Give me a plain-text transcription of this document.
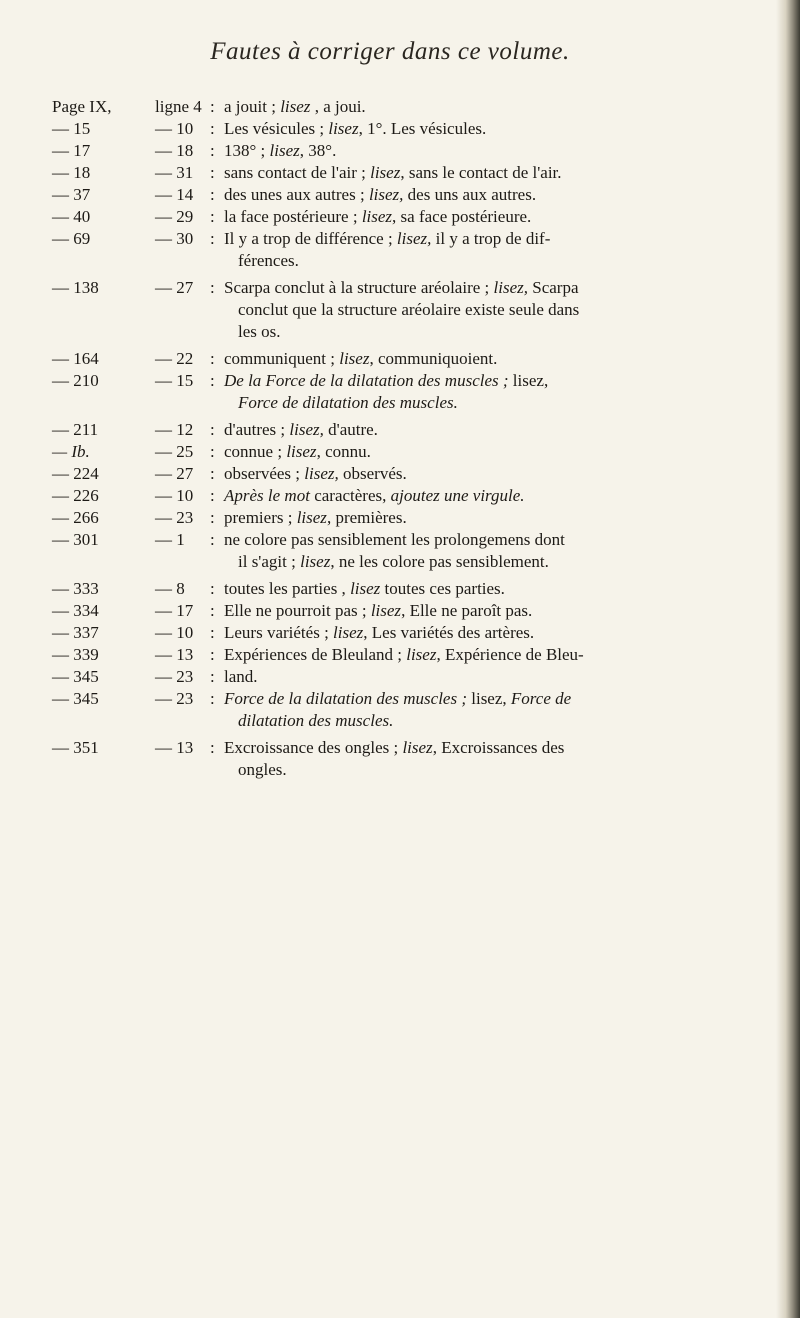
Fautes à corriger dans ce volume.
Page IX,	ligne 4 : a jouit ; lisez , a joui.
— 15	— 10 : Les vésicules ; lisez, 1°. Les vésicules.
— 17	— 18 : 138° ; lisez, 38°.
— 18	— 31 : sans contact de l'air ; lisez, sans le contact de l'air.
— 37	— 14 : des unes aux autres ; lisez, des uns aux autres.
— 40	— 29 : la face postérieure ; lisez, sa face postérieure.
— 69	— 30 : Il y a trop de différence ; lisez, il y a trop de dif-
férences.
— 138	— 27 : Scarpa conclut à la structure aréolaire ; lisez, Scarpa
conclut que la structure aréolaire existe seule dans
les os.
— 164	— 22 : communiquent ; lisez, communiquoient.
— 210	— 15 : De la Force de la dilatation des muscles ; lisez,
Force de dilatation des muscles.
— 211	— 12 : d'autres ; lisez, d'autre.
— Ib.	— 25 : connue ; lisez, connu.
— 224	— 27 : observées ; lisez, observés.
— 226	— 10 : Après le mot caractères, ajoutez une virgule.
— 266	— 23 : premiers ; lisez, premières.
— 301	— 1	: ne colore pas sensiblement les prolongemens dont
il s'agit ; lisez, ne les colore pas sensiblement.
— 333	— 8	: toutes les parties , lisez toutes ces parties.
— 334	— 17 : Elle ne pourroit pas ; lisez, Elle ne paroît pas.
— 337	— 10 : Leurs variétés ; lisez, Les variétés des artères.
— 339	— 13 : Expériences de Bleuland ; lisez, Expérience de Bleu-
— 345	— 23 : land.
— 345	— 23 : Force de la dilatation des muscles ; lisez, Force de
dilatation des muscles.
— 351	— 13 : Excroissance des ongles ; lisez, Excroissances des
ongles.
